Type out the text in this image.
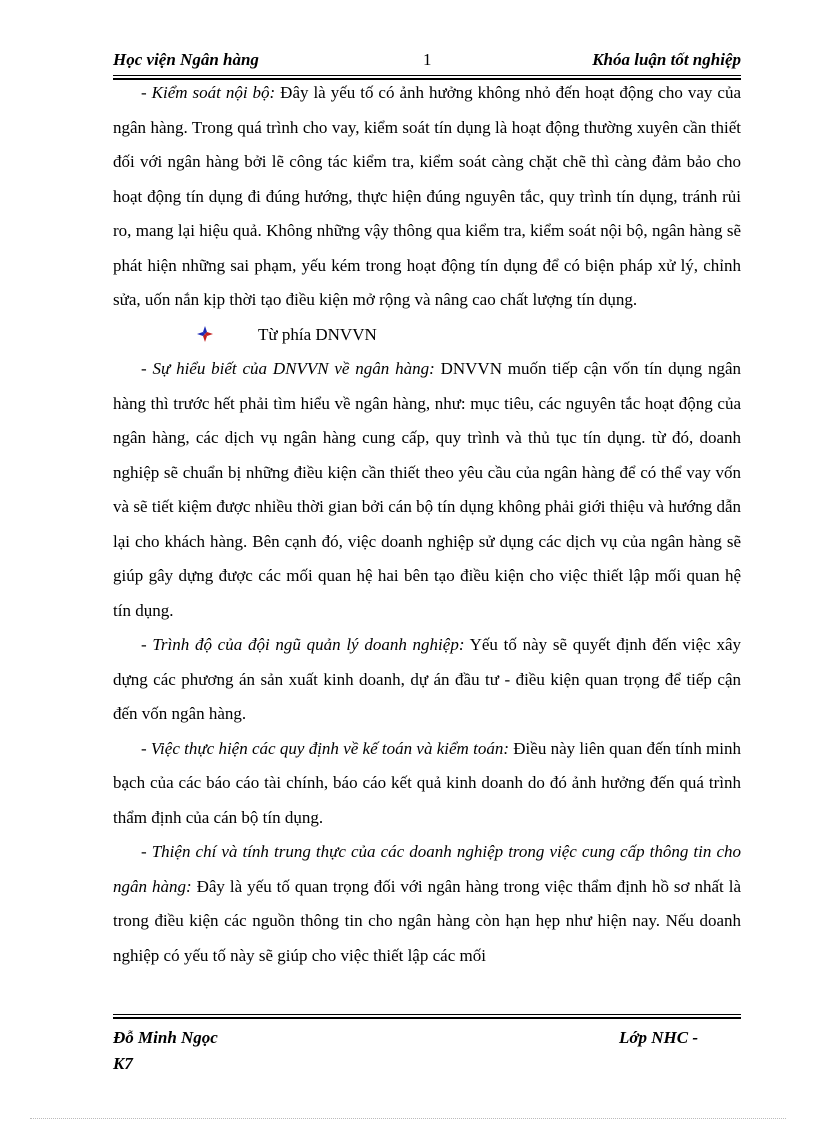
Học viện Ngân hàng	1	Khóa luận tốt nghiệp

- Kiểm soát nội bộ: Đây là yếu tố có ảnh hưởng không nhỏ đến hoạt động cho vay của ngân hàng. Trong quá trình cho vay, kiểm soát tín dụng là hoạt động thường xuyên cần thiết đối với ngân hàng bởi lẽ công tác kiểm tra, kiểm soát càng chặt chẽ thì càng đảm bảo cho hoạt động tín dụng đi đúng hướng, thực hiện đúng nguyên tắc, quy trình tín dụng, tránh rủi ro, mang lại hiệu quả. Không những vậy thông qua kiểm tra, kiểm soát nội bộ, ngân hàng sẽ phát hiện những sai phạm, yếu kém trong hoạt động tín dụng để có biện pháp xử lý, chỉnh sửa, uốn nắn kịp thời tạo điều kiện mở rộng và nâng cao chất lượng tín dụng.

Từ phía DNVVN

- Sự hiểu biết của DNVVN về ngân hàng: DNVVN muốn tiếp cận vốn tín dụng ngân hàng thì trước hết phải tìm hiểu về ngân hàng, như: mục tiêu, các nguyên tắc hoạt động của ngân hàng, các dịch vụ ngân hàng cung cấp, quy trình và thủ tục tín dụng. từ đó, doanh nghiệp sẽ chuẩn bị những điều kiện cần thiết theo yêu cầu của ngân hàng để có thể vay vốn và sẽ tiết kiệm được nhiều thời gian bởi cán bộ tín dụng không phải giới thiệu và hướng dẫn lại cho khách hàng. Bên cạnh đó, việc doanh nghiệp sử dụng các dịch vụ của ngân hàng sẽ giúp gây dựng được các mối quan hệ hai bên tạo điều kiện cho việc thiết lập mối quan hệ tín dụng.

- Trình độ của đội ngũ quản lý doanh nghiệp: Yếu tố này sẽ quyết định đến việc xây dựng các phương án sản xuất kinh doanh, dự án đầu tư - điều kiện quan trọng để tiếp cận đến vốn ngân hàng.

- Việc thực hiện các quy định về kế toán và kiểm toán: Điều này liên quan đến tính minh bạch của các báo cáo tài chính, báo cáo kết quả kinh doanh do đó ảnh hưởng đến quá trình thẩm định của cán bộ tín dụng.

- Thiện chí và tính trung thực của các doanh nghiệp trong việc cung cấp thông tin cho ngân hàng: Đây là yếu tố quan trọng đối với ngân hàng trong việc thẩm định hồ sơ nhất là trong điều kiện các nguồn thông tin cho ngân hàng còn hạn hẹp như hiện nay. Nếu doanh nghiệp có yếu tố này sẽ giúp cho việc thiết lập các mối

Đỗ Minh Ngọc	Lớp NHC -
K7
